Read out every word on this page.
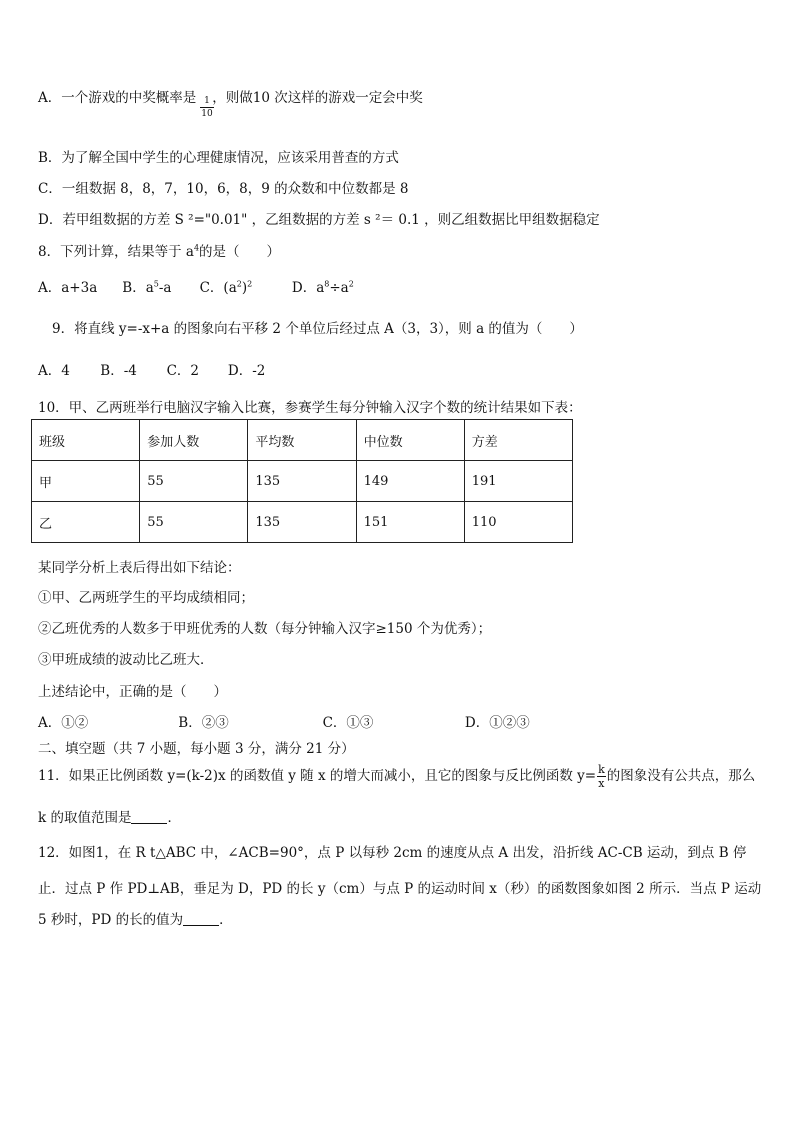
A．一个游戏的中奖概率是 ，则做10 次这样的游戏一定会中奖
1
10
B．为了解全国中学生的心理健康情况，应该采用普查的方式
C．一组数据 8，8，7，10，6，8，9 的众数和中位数都是 8
D．若甲组数据的方差 S ²="0.01" ，乙组数据的方差 s ²＝ 0.1 ，则乙组数据比甲组数据稳定
8．下列计算，结果等于 $a^4$的是（　　）
A．a+3a B．$a^5-a$ C．$(a^2)^2$	D．$a^8\div a^2$
9．将直线 y=-x+a 的图象向右平移 2 个单位后经过点 A（3，3），则 a 的值为（　　）
A．4 B．-4 C．2 D．-2
10．甲、乙两班举行电脑汉字输入比赛，参赛学生每分钟输入汉字个数的统计结果如下表：
班级	参加人数	平均数	中位数	方差
甲	55	135	149	191
乙	55	135	151	110
某同学分析上表后得出如下结论：
①甲、乙两班学生的平均成绩相同；
②乙班优秀的人数多于甲班优秀的人数（每分钟输入汉字≥150 个为优秀）；
③甲班成绩的波动比乙班大．
上述结论中，正确的是（　　）
A．①②	B．②③	C．①③	D．①②③
二、填空题（共 7 小题，每小题 3 分，满分 21 分）
11．如果正比例函数 y=(k-2)x 的函数值 y 随 x 的增大而减小，且它的图象与反比例函数 $y= \frac{k}{x}$ 的图象没有公共点，那么
k 的取值范围是	．
12．如图1，在 R t△ABC 中，∠ACB=90°，点 P 以每秒 2cm 的速度从点 A 出发，沿折线 AC-CB 运动，到点 B 停
止．过点 P 作 PD⊥AB，垂足为 D，PD 的长 y（cm）与点 P 的运动时间 x（秒）的函数图象如图 2 所示．当点 P 运动
5 秒时，PD 的长的值为	．
